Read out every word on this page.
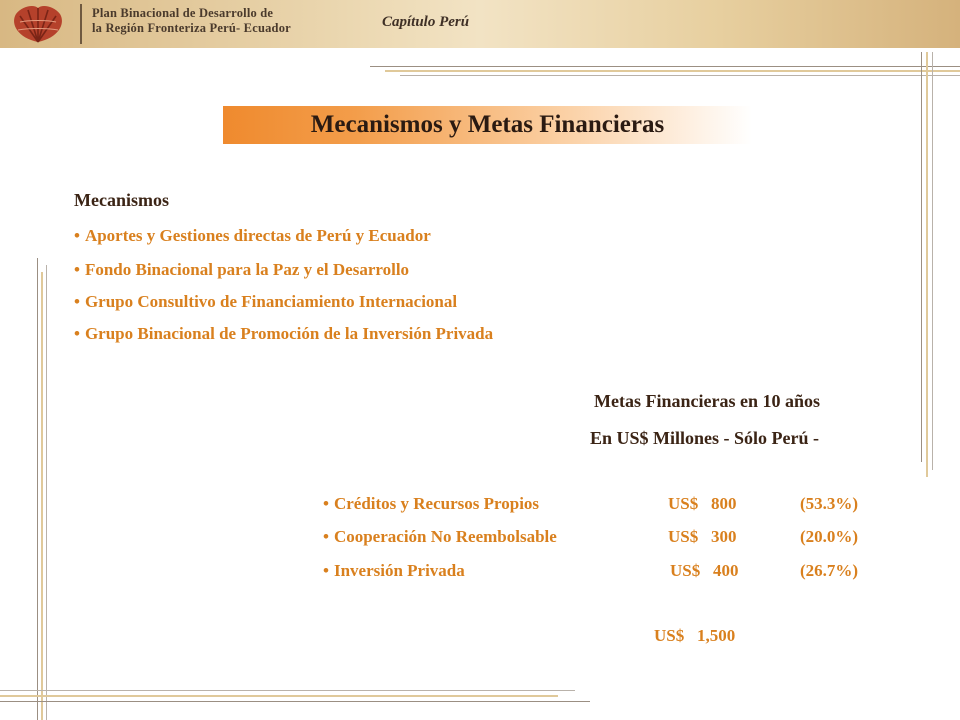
Plan Binacional de Desarrollo de
la Región Fronteriza Perú- Ecuador	Capítulo Perú
Mecanismos y Metas Financieras
Mecanismos
• Aportes y Gestiones directas de Perú y Ecuador
• Fondo Binacional para la Paz y el Desarrollo
• Grupo Consultivo de Financiamiento Internacional
• Grupo Binacional de Promoción de la Inversión Privada
Metas Financieras en 10 años
En US$ Millones - Sólo Perú -
• Créditos y Recursos Propios	US$   800	(53.3%)
• Cooperación No Reembolsable	US$   300	(20.0%)
• Inversión Privada	US$   400	(26.7%)
US$   1,500
